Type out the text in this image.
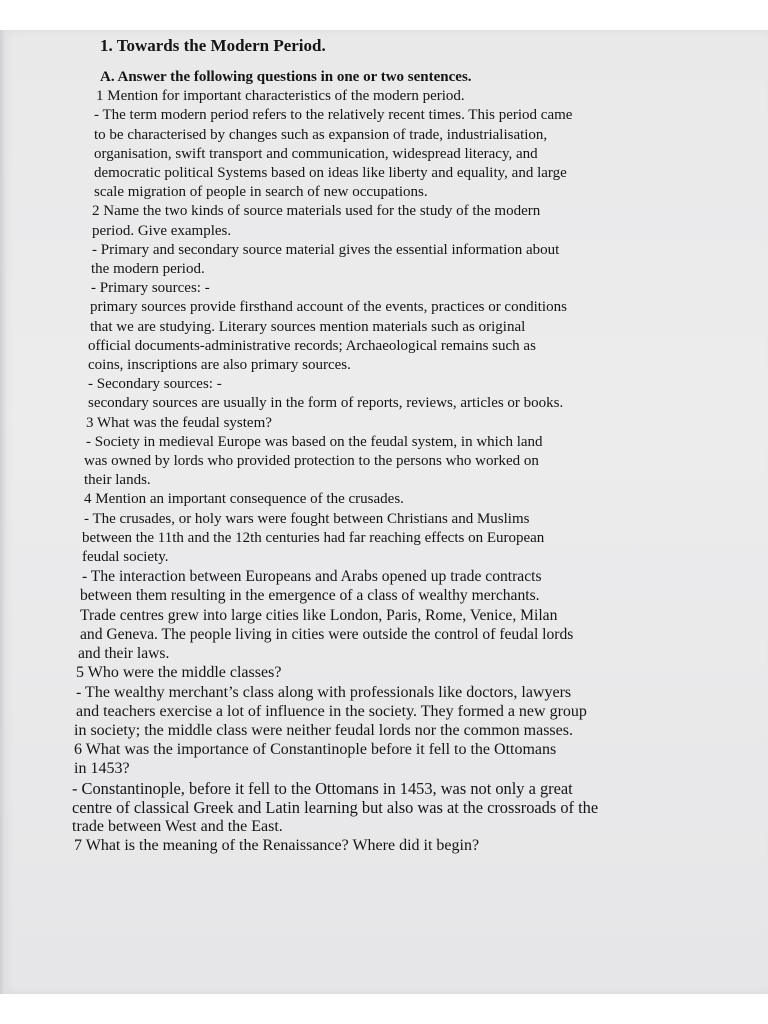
1. Towards the Modern Period.
A. Answer the following questions in one or two sentences.
1 Mention for important characteristics of the modern period.
- The term modern period refers to the relatively recent times. This period came
to be characterised by changes such as expansion of trade, industrialisation,
organisation, swift transport and communication, widespread literacy, and
democratic political Systems based on ideas like liberty and equality, and large
scale migration of people in search of new occupations.
2 Name the two kinds of source materials used for the study of the modern
period. Give examples.
- Primary and secondary source material gives the essential information about
the modern period.
- Primary sources: -
primary sources provide firsthand account of the events, practices or conditions
that we are studying. Literary sources mention materials such as original
official documents-administrative records; Archaeological remains such as
coins, inscriptions are also primary sources.
- Secondary sources: -
secondary sources are usually in the form of reports, reviews, articles or books.
3 What was the feudal system?
- Society in medieval Europe was based on the feudal system, in which land
was owned by lords who provided protection to the persons who worked on
their lands.
4 Mention an important consequence of the crusades.
- The crusades, or holy wars were fought between Christians and Muslims
between the 11th and the 12th centuries had far reaching effects on European
feudal society.
- The interaction between Europeans and Arabs opened up trade contracts
between them resulting in the emergence of a class of wealthy merchants.
Trade centres grew into large cities like London, Paris, Rome, Venice, Milan
and Geneva. The people living in cities were outside the control of feudal lords
and their laws.
5 Who were the middle classes?
- The wealthy merchant’s class along with professionals like doctors, lawyers
and teachers exercise a lot of influence in the society. They formed a new group
in society; the middle class were neither feudal lords nor the common masses.
6 What was the importance of Constantinople before it fell to the Ottomans
in 1453?
- Constantinople, before it fell to the Ottomans in 1453, was not only a great
centre of classical Greek and Latin learning but also was at the crossroads of the
trade between West and the East.
7 What is the meaning of the Renaissance? Where did it begin?
